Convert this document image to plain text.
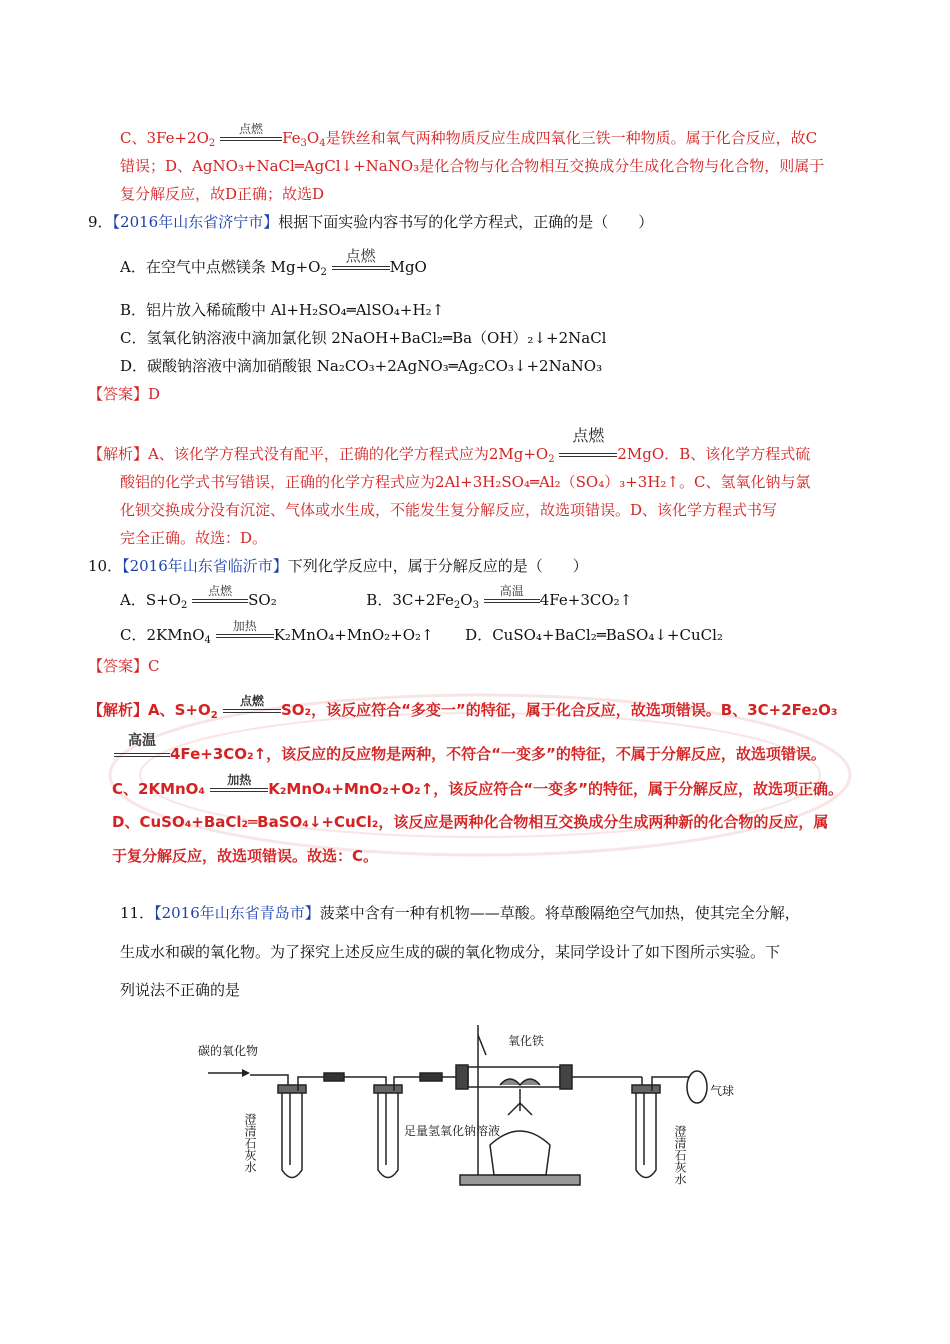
C、$3Fe+2O_2$
点燃	$Fe_3O_4$是铁丝和氧气两种物质反应生成四氧化三铁一种物质。属于化合反应，故C
错误；D、AgNO₃+NaCl═AgCl↓+NaNO₃是化合物与化合物相互交换成分生成化合物与化合物，则属于
复分解反应，故D正确；故选D
9．【2016年山东省济宁市】根据下面实验内容书写的化学方程式，正确的是（　　）
A．在空气中点燃镁条 $Mg+O_2$
点燃
MgO
B．铝片放入稀硫酸中 Al+H₂SO₄═AlSO₄+H₂↑
C．氢氧化钠溶液中滴加氯化钡 2NaOH+BaCl₂═Ba（OH）₂↓+2NaCl
D．碳酸钠溶液中滴加硝酸银 Na₂CO₃+2AgNO₃═Ag₂CO₃↓+2NaNO₃
【答案】D
【解析】A、该化学方程式没有配平，正确的化学方程式应为$2Mg+O_2$
点燃
2MgO．B、该化学方程式硫
酸铝的化学式书写错误，正确的化学方程式应为2Al+3H₂SO₄═Al₂（SO₄）₃+3H₂↑。C、氢氧化钠与氯
化钡交换成分没有沉淀、气体或水生成，不能发生复分解反应，故选项错误。D、该化学方程式书写
完全正确。故选：D。
10．【2016年山东省临沂市】下列化学反应中，属于分解反应的是（　　）
A．$S+O_2$
点燃	SO₂	B．$3C+2Fe_2O_3$
高温	4Fe+3CO₂↑
C．2KMnO$_4$
加热	K₂MnO₄+MnO₂+O₂↑ D．CuSO₄+BaCl₂═BaSO₄↓+CuCl₂
【答案】C
【解析】A、$S+O_2$
点燃	SO₂，该反应符合“多变一”的特征，属于化合反应，故选项错误。B、3C+2Fe₂O₃
高温
4Fe+3CO₂↑，该反应的反应物是两种，不符合“一变多”的特征，不属于分解反应，故选项错误。
C、2KMnO₄	加热	K₂MnO₄+MnO₂+O₂↑，该反应符合“一变多”的特征，属于分解反应，故选项正确。
D、CuSO₄+BaCl₂═BaSO₄↓+CuCl₂，该反应是两种化合物相互交换成分生成两种新的化合物的反应，属
于复分解反应，故选项错误。故选：C。
11．【2016年山东省青岛市】菠菜中含有一种有机物——草酸。将草酸隔绝空气加热，使其完全分解，
生成水和碳的氧化物。为了探究上述反应生成的碳的氧化物成分，某同学设计了如下图所示实验。下
列说法不正确的是
碳的氧化物
澄清石灰水	足量氢氧化钠溶液
氧化铁
澄清石灰水
气球
